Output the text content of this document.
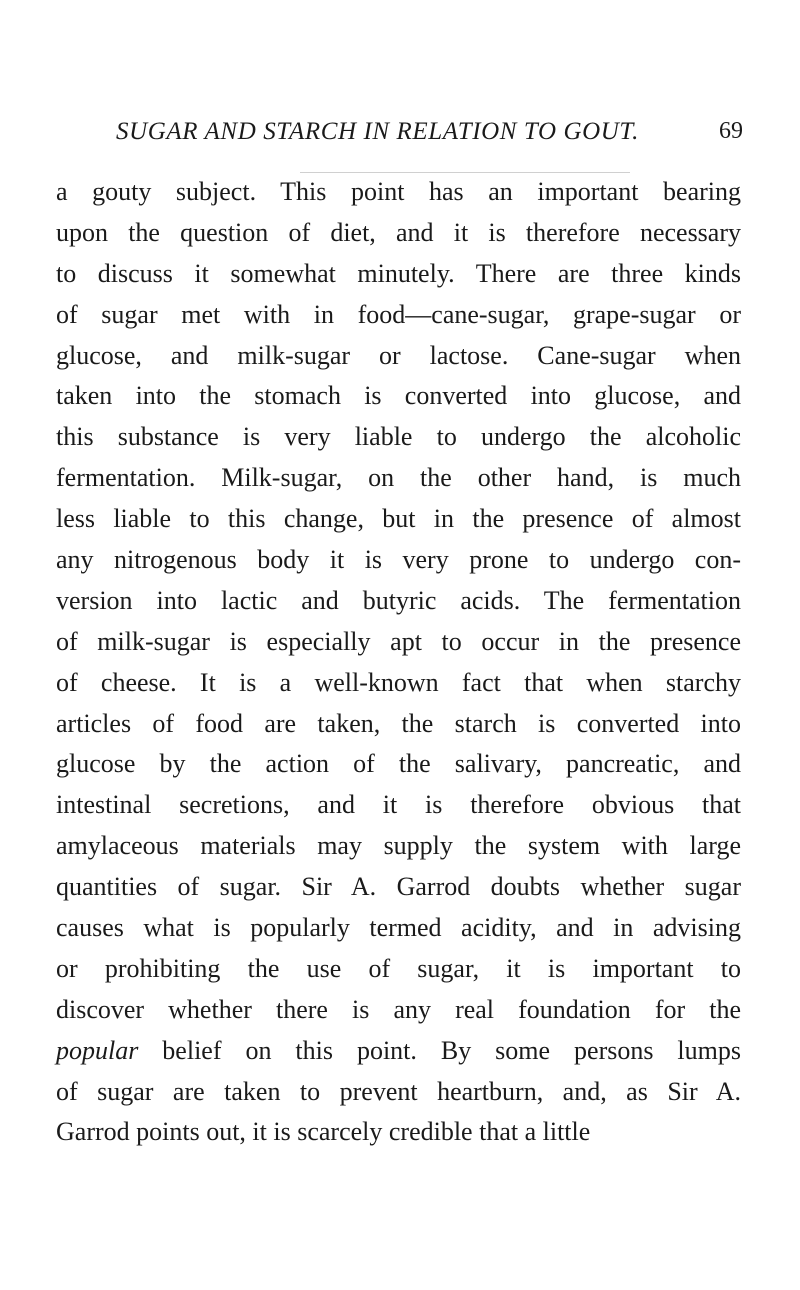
SUGAR AND STARCH IN RELATION TO GOUT.	69
a gouty subject. This point has an important bearing
upon the question of diet, and it is therefore necessary
to discuss it somewhat minutely. There are three kinds
of sugar met with in food—cane-sugar, grape-sugar or
glucose, and milk-sugar or lactose. Cane-sugar when
taken into the stomach is converted into glucose, and
this substance is very liable to undergo the alcoholic
fermentation. Milk-sugar, on the other hand, is much
less liable to this change, but in the presence of almost
any nitrogenous body it is very prone to undergo con-
version into lactic and butyric acids. The fermentation
of milk-sugar is especially apt to occur in the presence
of cheese. It is a well-known fact that when starchy
articles of food are taken, the starch is converted into
glucose by the action of the salivary, pancreatic, and
intestinal secretions, and it is therefore obvious that
amylaceous materials may supply the system with large
quantities of sugar. Sir A. Garrod doubts whether sugar
causes what is popularly termed acidity, and in advising
or prohibiting the use of sugar, it is important to
discover whether there is any real foundation for the
popular belief on this point. By some persons lumps
of sugar are taken to prevent heartburn, and, as Sir A.
Garrod points out, it is scarcely credible that a little
